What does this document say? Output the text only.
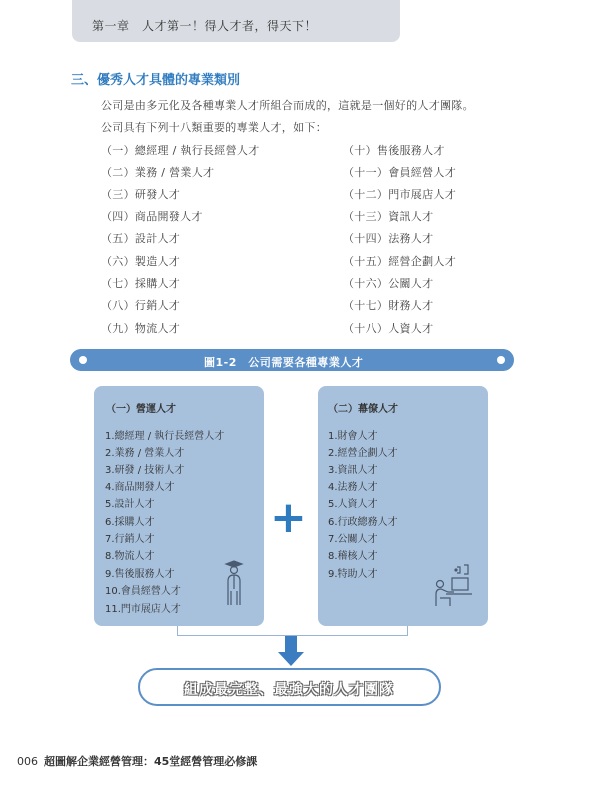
第一章　人才第一！得人才者，得天下！
三、優秀人才具體的專業類別
公司是由多元化及各種專業人才所組合而成的，這就是一個好的人才團隊。
公司具有下列十八類重要的專業人才，如下：
（一）總經理 / 執行長經營人才
（二）業務 / 營業人才
（三）研發人才
（四）商品開發人才
（五）設計人才
（六）製造人才
（七）採購人才
（八）行銷人才
（九）物流人才
（十）售後服務人才
（十一）會員經營人才
（十二）門市展店人才
（十三）資訊人才
（十四）法務人才
（十五）經營企劃人才
（十六）公關人才
（十七）財務人才
（十八）人資人才
圖1-2　公司需要各種專業人才
（一）營運人才
1.總經理 / 執行長經營人才
2.業務 / 營業人才
3.研發 / 技術人才
4.商品開發人才
5.設計人才
6.採購人才
7.行銷人才
8.物流人才
9.售後服務人才
10.會員經營人才
11.門市展店人才
+
（二）幕僚人才
1.財會人才
2.經營企劃人才
3.資訊人才
4.法務人才
5.人資人才
6.行政總務人才
7.公關人才
8.稽核人才
9.特助人才
組成最完整、最強大的人才團隊
006 超圖解企業經營管理：45堂經營管理必修課
